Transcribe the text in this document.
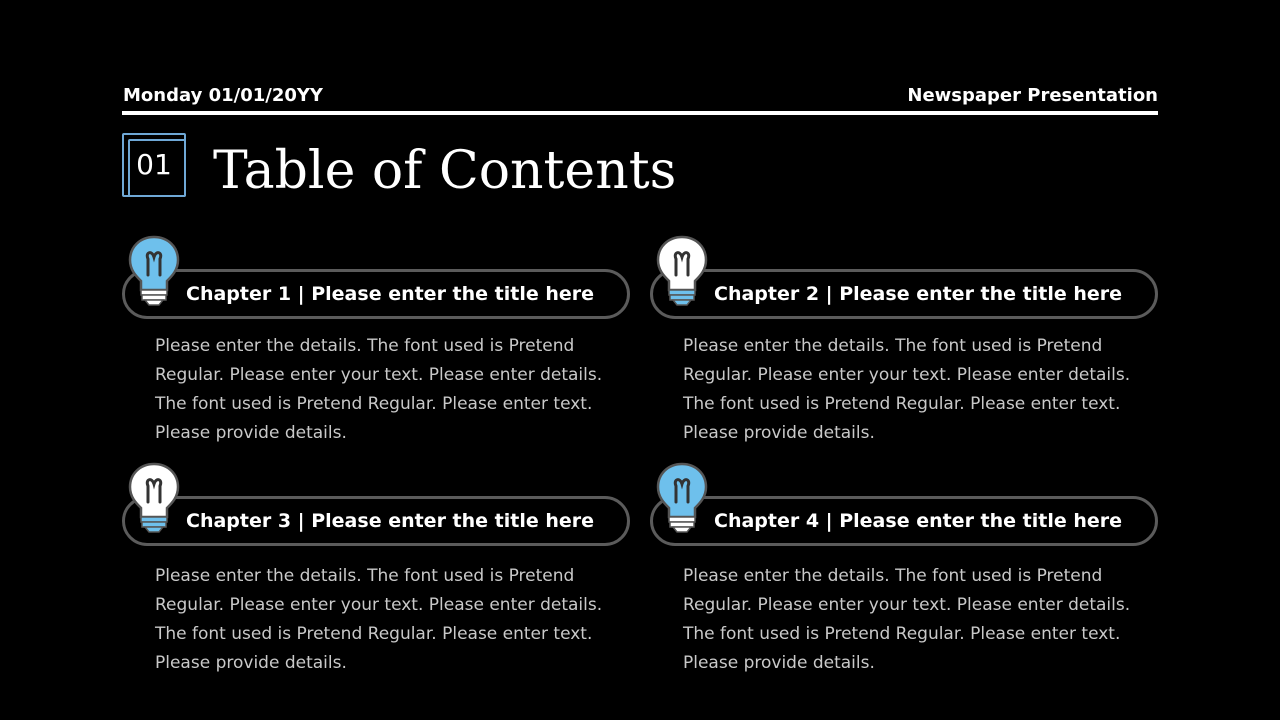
Monday 01/01/20YY	Newspaper Presentation
01 Table of Contents
Chapter 1 | Please enter the title here
Please enter the details. The font used is Pretend Regular. Please enter your text. Please enter details. The font used is Pretend Regular. Please enter text. Please provide details.
Chapter 2 | Please enter the title here
Please enter the details. The font used is Pretend Regular. Please enter your text. Please enter details. The font used is Pretend Regular. Please enter text. Please provide details.
Chapter 3 | Please enter the title here
Please enter the details. The font used is Pretend Regular. Please enter your text. Please enter details. The font used is Pretend Regular. Please enter text. Please provide details.
Chapter 4 | Please enter the title here
Please enter the details. The font used is Pretend Regular. Please enter your text. Please enter details. The font used is Pretend Regular. Please enter text. Please provide details.
